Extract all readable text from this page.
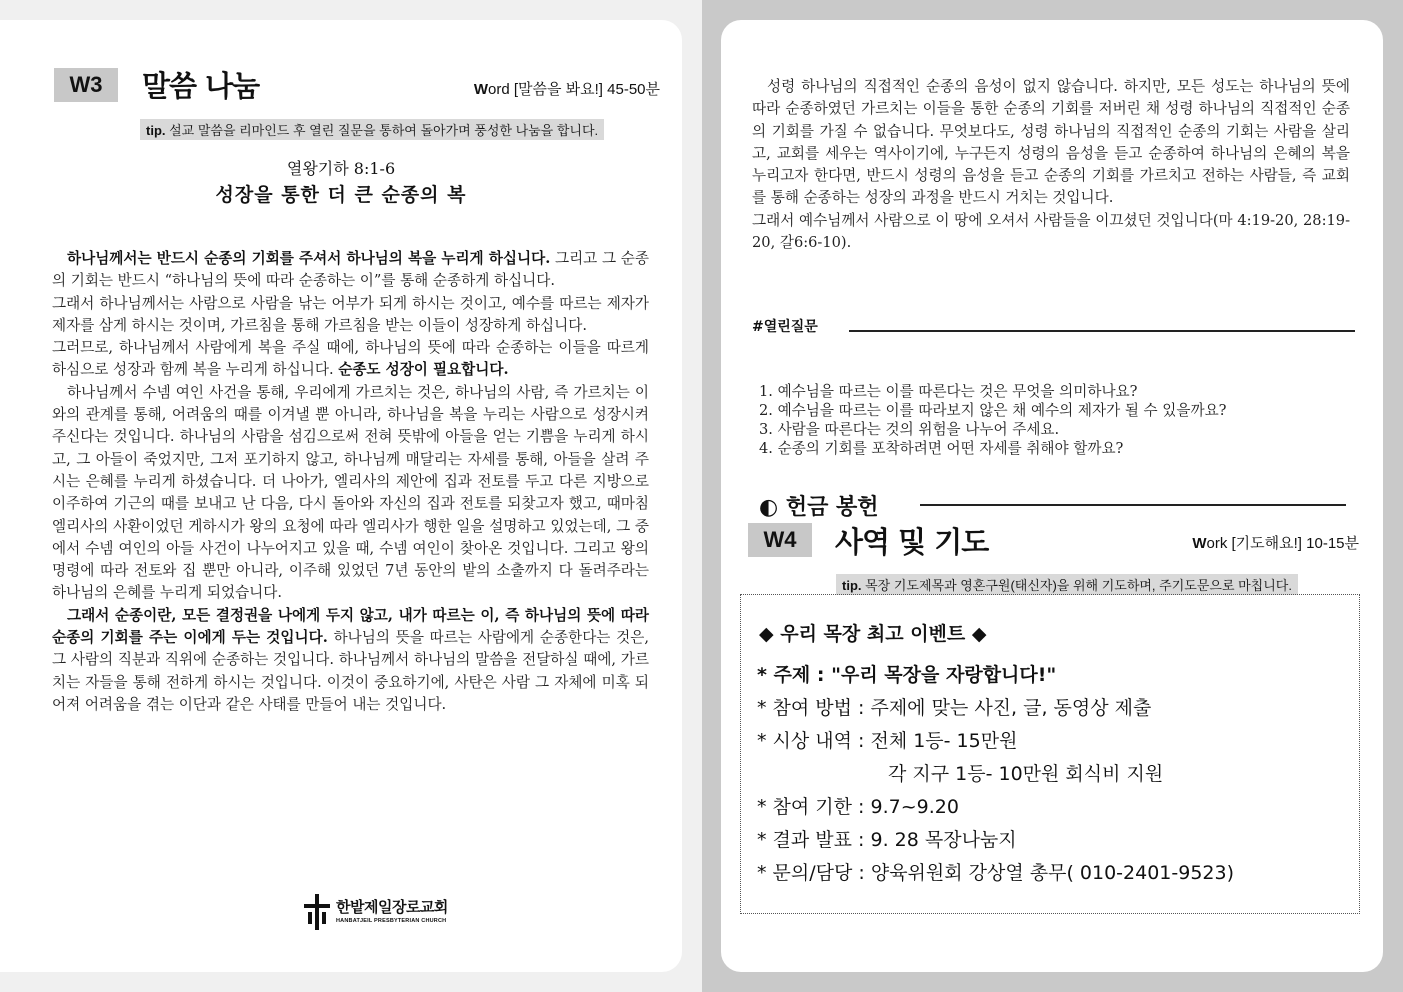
W3	말씀 나눔	Word [말씀을 봐요!] 45-50분
tip. 설교 말씀을 리마인드 후 열린 질문을 통하여 돌아가며 풍성한 나눔을 합니다.
열왕기하 8:1-6
성장을 통한 더 큰 순종의 복

하나님께서는 반드시 순종의 기회를 주셔서 하나님의 복을 누리게 하십니다. 그리고 그 순종의 기회는 반드시 “하나님의 뜻에 따라 순종하는 이”를 통해 순종하게 하십니다.

그래서 하나님께서는 사람으로 사람을 낚는 어부가 되게 하시는 것이고, 예수를 따르는 제자가 제자를 삼게 하시는 것이며, 가르침을 통해 가르침을 받는 이들이 성장하게 하십니다.

그러므로, 하나님께서 사람에게 복을 주실 때에, 하나님의 뜻에 따라 순종하는 이들을 따르게 하심으로 성장과 함께 복을 누리게 하십니다. 순종도 성장이 필요합니다.

하나님께서 수넴 여인 사건을 통해, 우리에게 가르치는 것은, 하나님의 사람, 즉 가르치는 이와의 관계를 통해, 어려움의 때를 이겨낼 뿐 아니라, 하나님을 복을 누리는 사람으로 성장시켜 주신다는 것입니다. 하나님의 사람을 섬김으로써 전혀 뜻밖에 아들을 얻는 기쁨을 누리게 하시고, 그 아들이 죽었지만, 그저 포기하지 않고, 하나님께 매달리는 자세를 통해, 아들을 살려 주시는 은혜를 누리게 하셨습니다. 더 나아가, 엘리사의 제안에 집과 전토를 두고 다른 지방으로 이주하여 기근의 때를 보내고 난 다음, 다시 돌아와 자신의 집과 전토를 되찾고자 했고, 때마침 엘리사의 사환이었던 게하시가 왕의 요청에 따라 엘리사가 행한 일을 설명하고 있었는데, 그 중에서 수넴 여인의 아들 사건이 나누어지고 있을 때, 수넴 여인이 찾아온 것입니다. 그리고 왕의 명령에 따라 전토와 집 뿐만 아니라, 이주해 있었던 7년 동안의 밭의 소출까지 다 돌려주라는 하나님의 은혜를 누리게 되었습니다.

그래서 순종이란, 모든 결정권을 나에게 두지 않고, 내가 따르는 이, 즉 하나님의 뜻에 따라 순종의 기회를 주는 이에게 두는 것입니다. 하나님의 뜻을 따르는 사람에게 순종한다는 것은, 그 사람의 직분과 직위에 순종하는 것입니다. 하나님께서 하나님의 말씀을 전달하실 때에, 가르치는 자들을 통해 전하게 하시는 것입니다. 이것이 중요하기에, 사탄은 사람 그 자체에 미혹 되어져 어려움을 겪는 이단과 같은 사태를 만들어 내는 것입니다.

한밭제일장로교회
HANBATJEIL PRESBYTERIAN CHURCH

성령 하나님의 직접적인 순종의 음성이 없지 않습니다. 하지만, 모든 성도는 하나님의 뜻에 따라 순종하였던 가르치는 이들을 통한 순종의 기회를 저버린 채 성령 하나님의 직접적인 순종의 기회를 가질 수 없습니다. 무엇보다도, 성령 하나님의 직접적인 순종의 기회는 사람을 살리고, 교회를 세우는 역사이기에, 누구든지 성령의 음성을 듣고 순종하여 하나님의 은혜의 복을 누리고자 한다면, 반드시 성령의 음성을 듣고 순종의 기회를 가르치고 전하는 사람들, 즉 교회를 통해 순종하는 성장의 과정을 반드시 거치는 것입니다.

그래서 예수님께서 사람으로 이 땅에 오셔서 사람들을 이끄셨던 것입니다(마 4:19-20, 28:19-20, 갈6:6-10).

#열린질문
1. 예수님을 따르는 이를 따른다는 것은 무엇을 의미하나요?
2. 예수님을 따르는 이를 따라보지 않은 채 예수의 제자가 될 수 있을까요?
3. 사람을 따른다는 것의 위험을 나누어 주세요.
4. 순종의 기회를 포착하려면 어떤 자세를 취해야 할까요?
◐ 헌금 봉헌
W4	사역 및 기도	Work [기도해요!] 10-15분
tip. 목장 기도제목과 영혼구원(태신자)을 위해 기도하며, 주기도문으로 마칩니다.
◆ 우리 목장 최고 이벤트 ◆
* 주제 : "우리 목장을 자랑합니다!"
* 참여 방법 : 주제에 맞는 사진, 글, 동영상 제출
* 시상 내역 : 전체 1등- 15만원
각 지구 1등- 10만원 회식비 지원
* 참여 기한 : 9.7~9.20
* 결과 발표 : 9. 28 목장나눔지
* 문의/담당 : 양육위원회 강상열 총무( 010-2401-9523)
